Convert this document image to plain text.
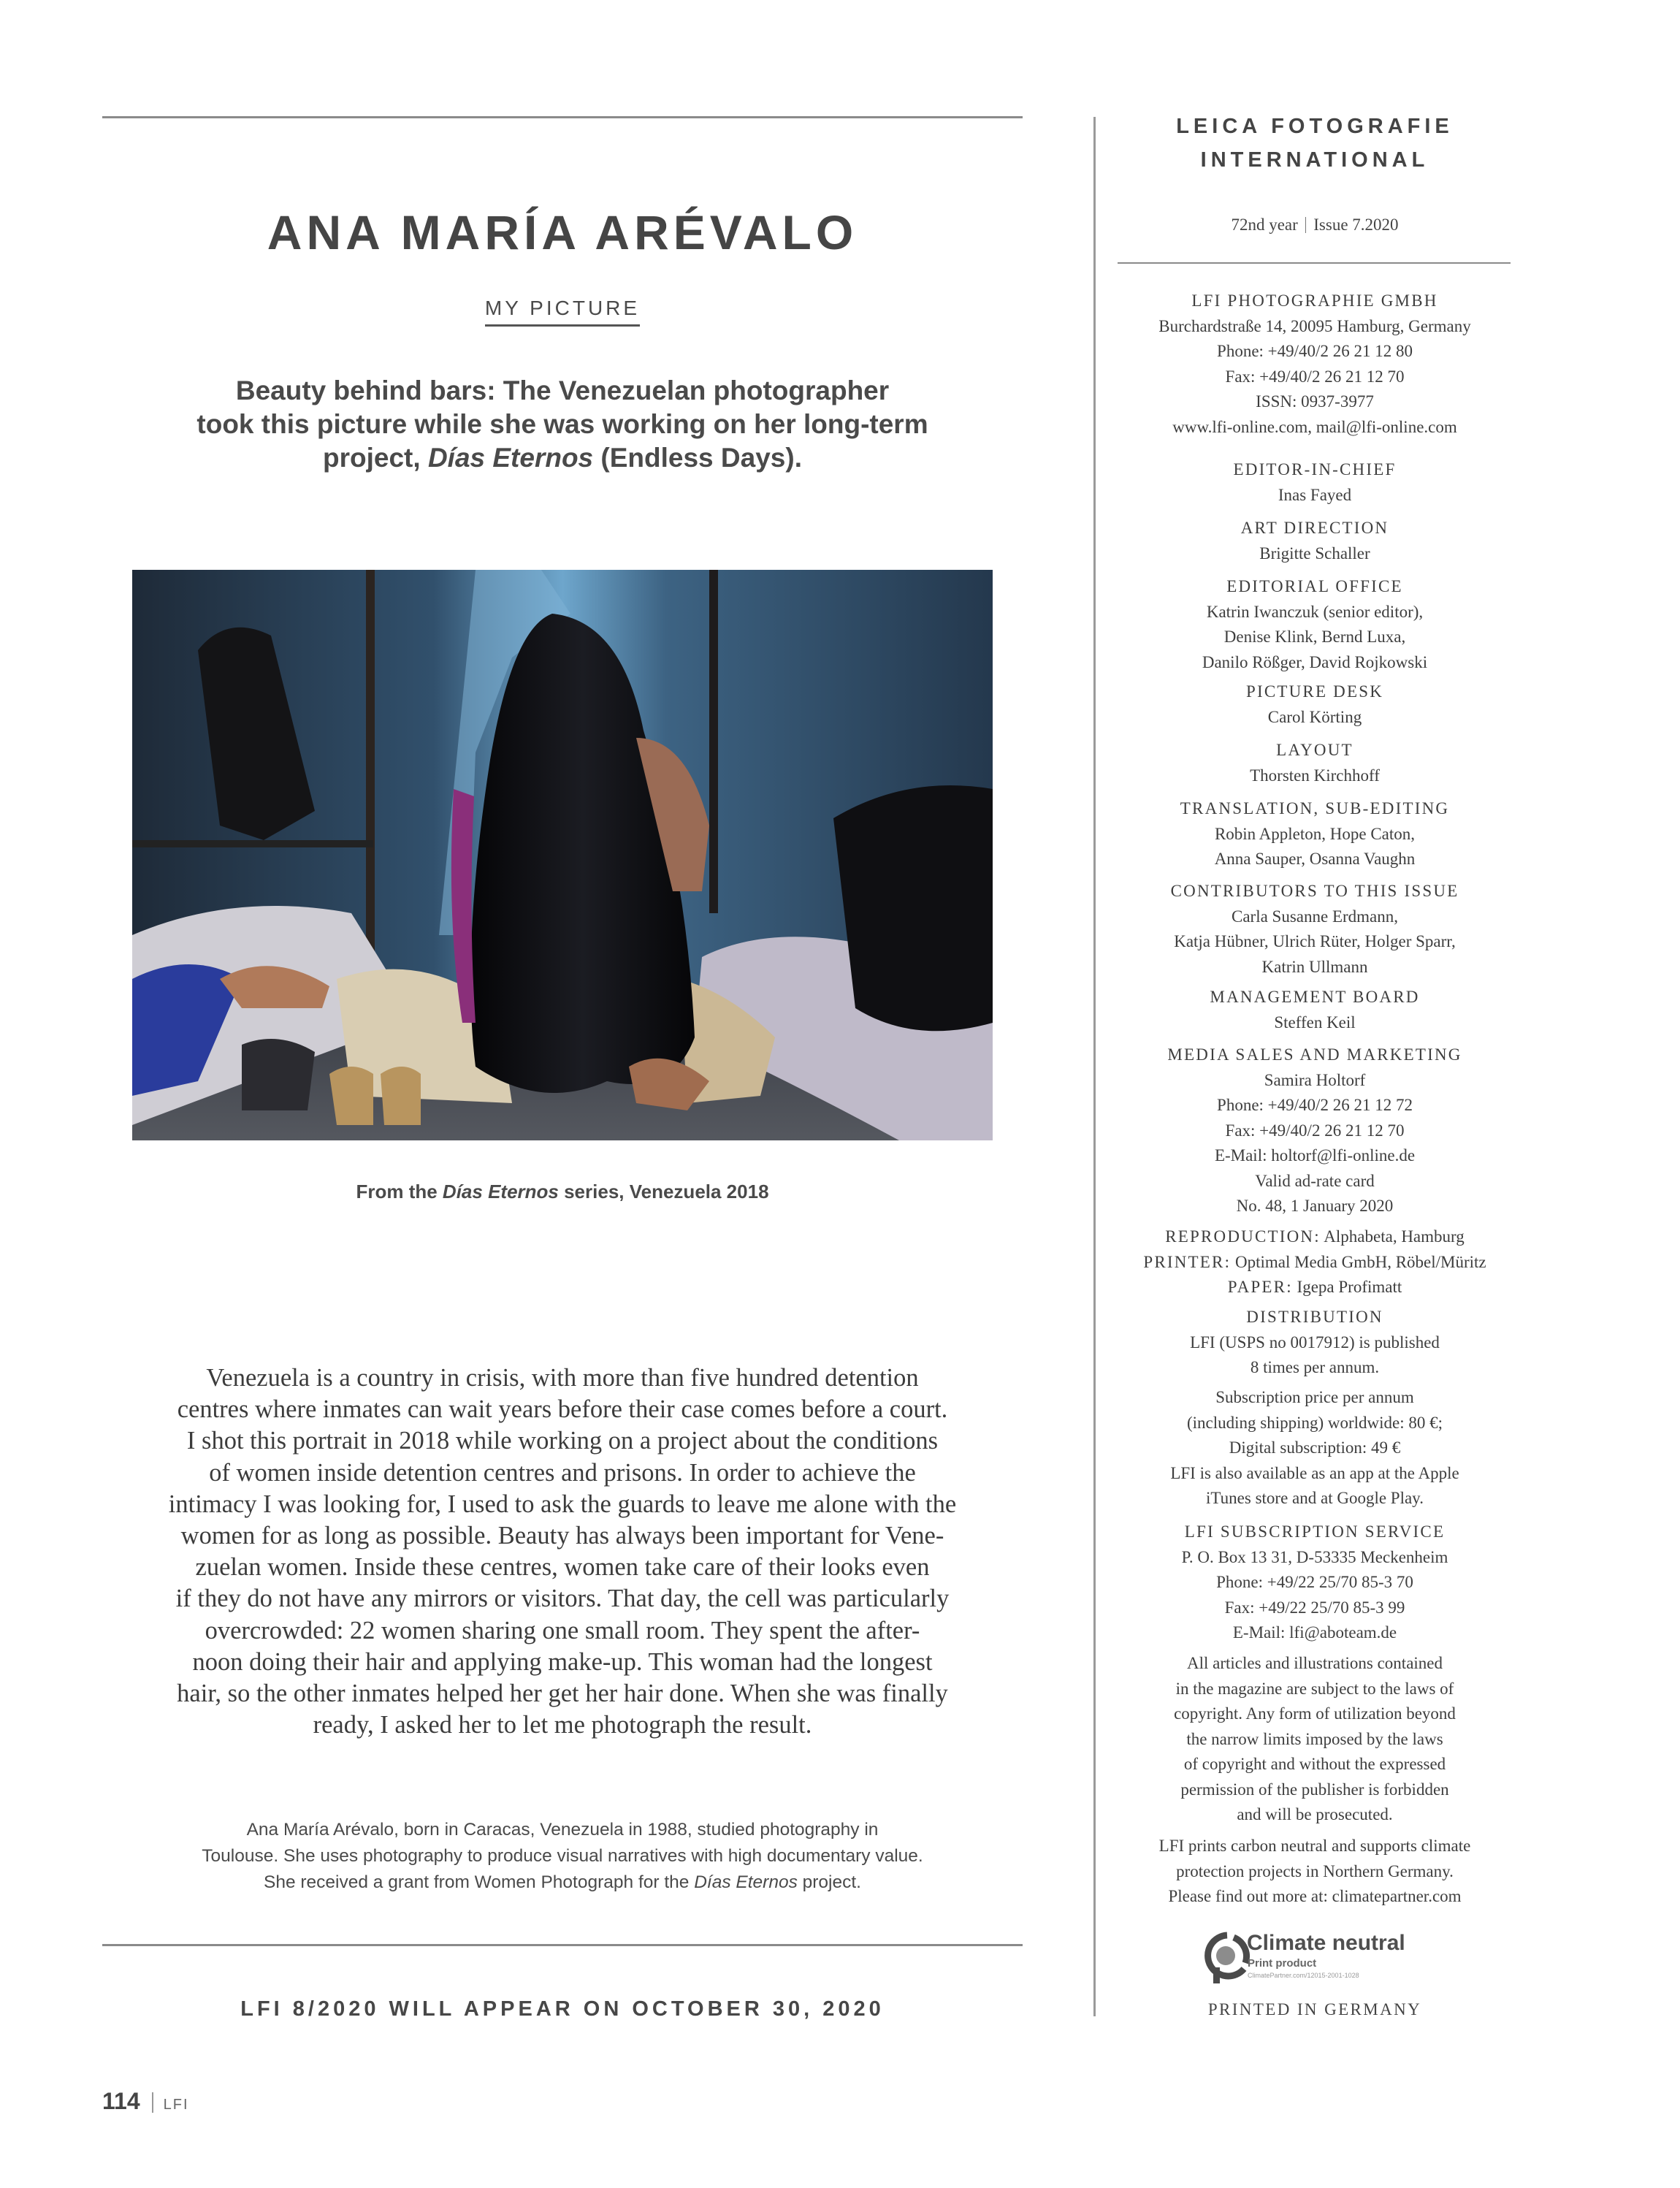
ANA MARÍA ARÉVALO
MY PICTURE
Beauty behind bars: The Venezuelan photographer
took this picture while she was working on her long-term
project, Días Eternos (Endless Days).
From the Días Eternos series, Venezuela 2018
Venezuela is a country in crisis, with more than five hundred detention
centres where inmates can wait years before their case comes before a court.
I shot this portrait in 2018 while working on a project about the conditions
of women inside detention centres and prisons. In order to achieve the
intimacy I was looking for, I used to ask the guards to leave me alone with the
women for as long as possible. Beauty has always been important for Vene-
zuelan women. Inside these centres, women take care of their looks even
if they do not have any mirrors or visitors. That day, the cell was particularly
overcrowded: 22 women sharing one small room. They spent the after-
noon doing their hair and applying make-up. This woman had the longest
hair, so the other inmates helped her get her hair done. When she was finally
ready, I asked her to let me photograph the result.
Ana María Arévalo, born in Caracas, Venezuela in 1988, studied photography in
Toulouse. She uses photography to produce visual narratives with high documentary value.
She received a grant from Women Photograph for the Días Eternos project.
LFI 8/2020 WILL APPEAR ON OCTOBER 30, 2020
114 LFI
LEICA FOTOGRAFIE
INTERNATIONAL
72nd year Issue 7.2020
LFI PHOTOGRAPHIE GMBH
Burchardstraße 14, 20095 Hamburg, Germany
Phone: +49/40/2 26 21 12 80
Fax: +49/40/2 26 21 12 70
ISSN: 0937-3977
www.lfi-online.com, mail@lfi-online.com
EDITOR-IN-CHIEF
Inas Fayed
ART DIRECTION
Brigitte Schaller
EDITORIAL OFFICE
Katrin Iwanczuk (senior editor),
Denise Klink, Bernd Luxa,
Danilo Rößger, David Rojkowski
PICTURE DESK
Carol Körting
LAYOUT
Thorsten Kirchhoff
TRANSLATION, SUB-EDITING
Robin Appleton, Hope Caton,
Anna Sauper, Osanna Vaughn
CONTRIBUTORS TO THIS ISSUE
Carla Susanne Erdmann,
Katja Hübner, Ulrich Rüter, Holger Sparr,
Katrin Ullmann
MANAGEMENT BOARD
Steffen Keil
MEDIA SALES AND MARKETING
Samira Holtorf
Phone: +49/40/2 26 21 12 72
Fax: +49/40/2 26 21 12 70
E-Mail: holtorf@lfi-online.de
Valid ad-rate card
No. 48, 1 January 2020
REPRODUCTION: Alphabeta, Hamburg
PRINTER: Optimal Media GmbH, Röbel/Müritz
PAPER: Igepa Profimatt
DISTRIBUTION
LFI (USPS no 0017912) is published
8 times per annum.
Subscription price per annum
(including shipping) worldwide: 80 €;
Digital subscription: 49 €
LFI is also available as an app at the Apple
iTunes store and at Google Play.
LFI SUBSCRIPTION SERVICE
P. O. Box 13 31, D-53335 Meckenheim
Phone: +49/22 25/70 85-3 70
Fax: +49/22 25/70 85-3 99
E-Mail: lfi@aboteam.de
All articles and illustrations contained
in the magazine are subject to the laws of
copyright. Any form of utilization beyond
the narrow limits imposed by the laws
of copyright and without the expressed
permission of the publisher is forbidden
and will be prosecuted.
LFI prints carbon neutral and supports climate
protection projects in Northern Germany.
Please find out more at: climatepartner.com
Climate neutral
Print product
ClimatePartner.com/12015-2001-1028
PRINTED IN GERMANY
